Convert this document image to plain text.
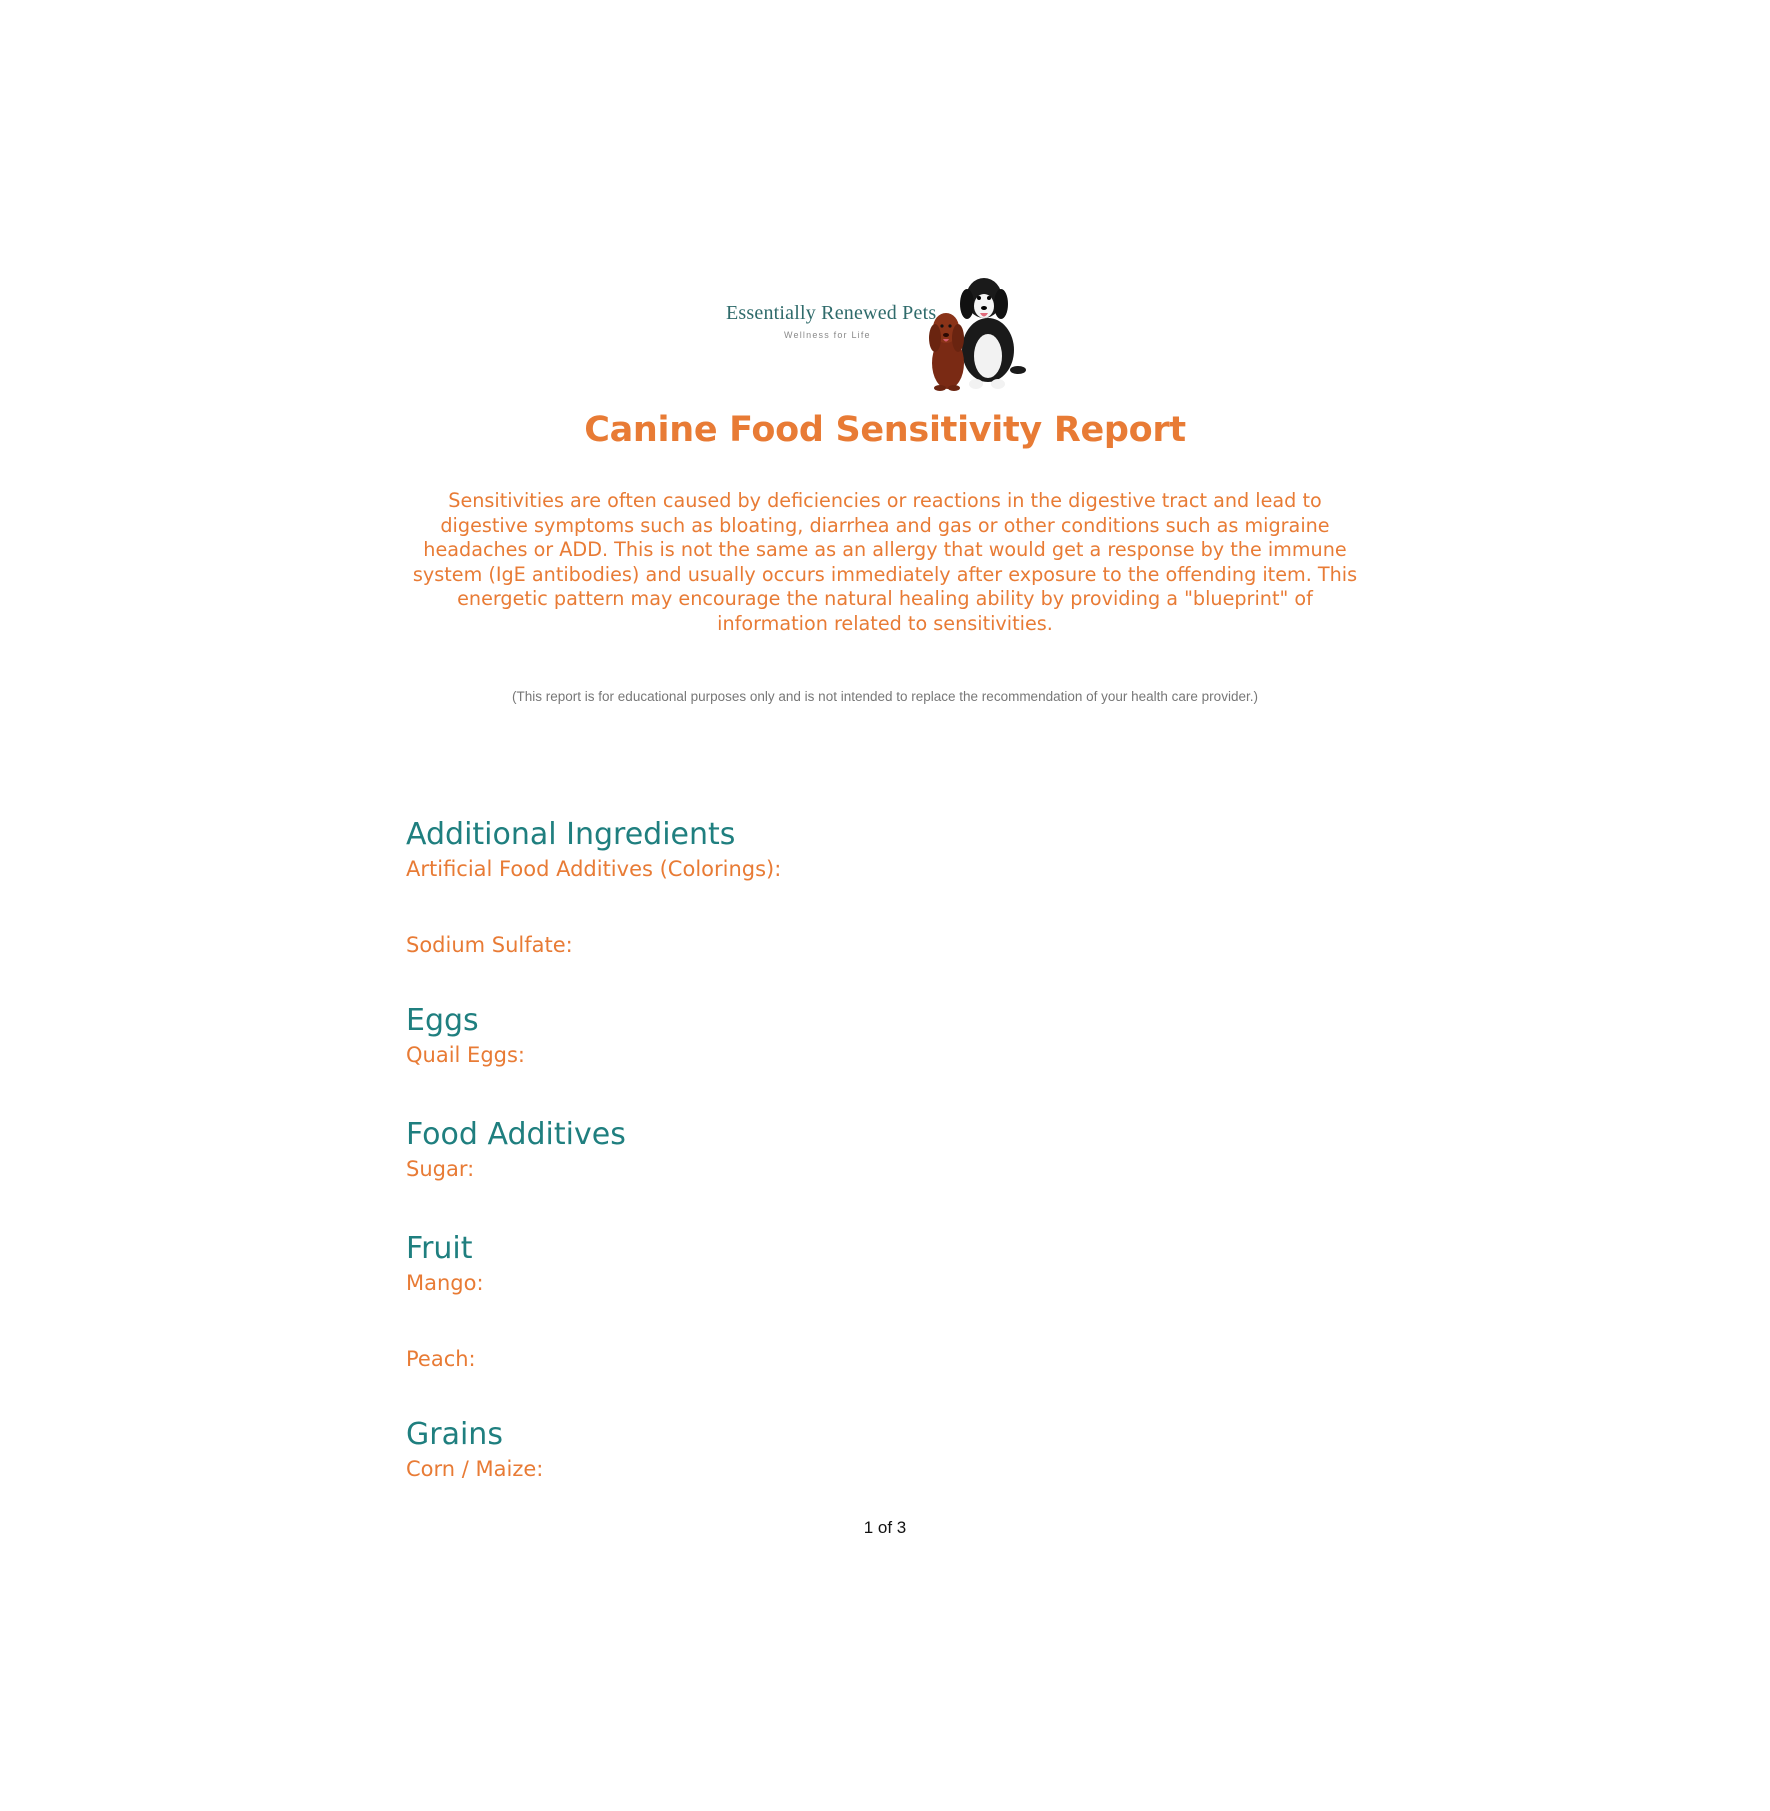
Essentially Renewed Pets
Wellness for Life
Canine Food Sensitivity Report
Sensitivities are often caused by deficiencies or reactions in the digestive tract and lead to digestive symptoms such as bloating, diarrhea and gas or other conditions such as migraine headaches or ADD. This is not the same as an allergy that would get a response by the immune system (IgE antibodies) and usually occurs immediately after exposure to the offending item. This energetic pattern may encourage the natural healing ability by providing a "blueprint" of information related to sensitivities.
(This report is for educational purposes only and is not intended to replace the recommendation of your health care provider.)
Additional Ingredients
Artificial Food Additives (Colorings):
Sodium Sulfate:
Eggs
Quail Eggs:
Food Additives
Sugar:
Fruit
Mango:
Peach:
Grains
Corn / Maize:
1 of 3
